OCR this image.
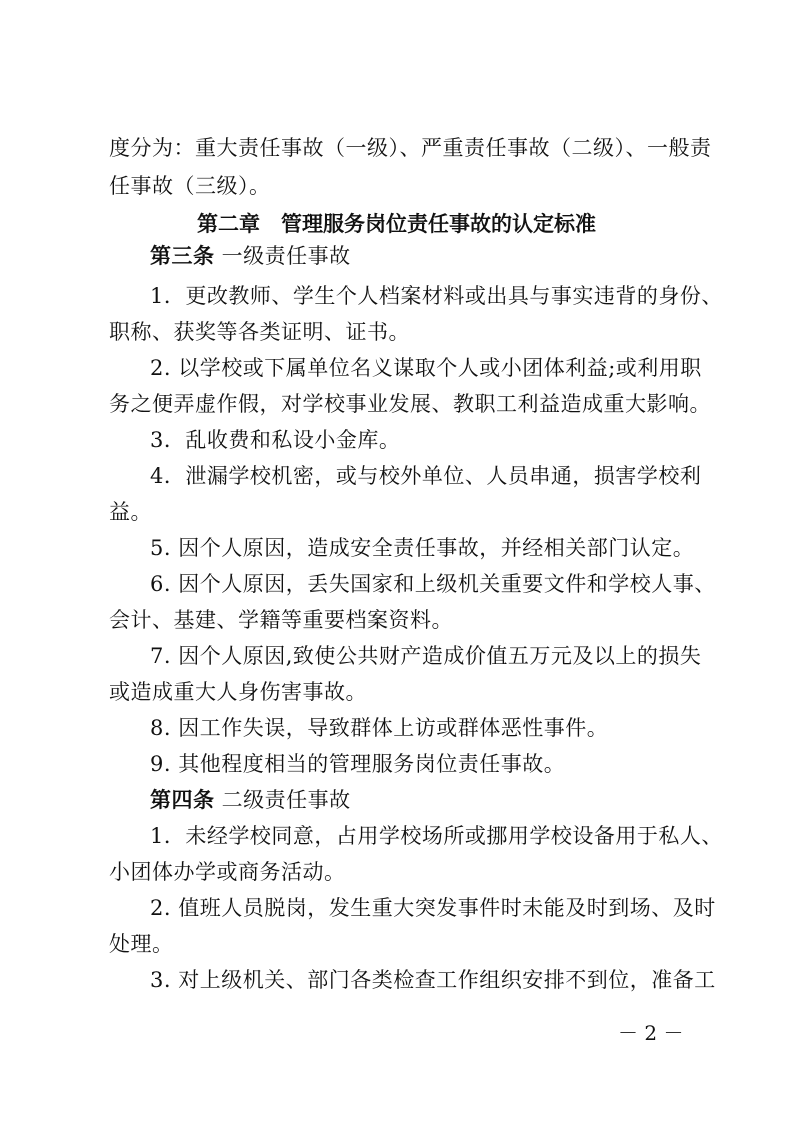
度分为：重大责任事故（一级）、严重责任事故（二级）、一般责
任事故（三级）。
第二章　管理服务岗位责任事故的认定标准
第三条 一级责任事故
1．更改教师、学生个人档案材料或出具与事实违背的身份、
职称、获奖等各类证明、证书。
2. 以学校或下属单位名义谋取个人或小团体利益;或利用职
务之便弄虚作假，对学校事业发展、教职工利益造成重大影响。
3．乱收费和私设小金库。
4．泄漏学校机密，或与校外单位、人员串通，损害学校利
益。
5. 因个人原因，造成安全责任事故，并经相关部门认定。
6. 因个人原因，丢失国家和上级机关重要文件和学校人事、
会计、基建、学籍等重要档案资料。
7. 因个人原因,致使公共财产造成价值五万元及以上的损失
或造成重大人身伤害事故。
8. 因工作失误，导致群体上访或群体恶性事件。
9. 其他程度相当的管理服务岗位责任事故。
第四条 二级责任事故
1．未经学校同意，占用学校场所或挪用学校设备用于私人、
小团体办学或商务活动。
2. 值班人员脱岗，发生重大突发事件时未能及时到场、及时
处理。
3. 对上级机关、部门各类检查工作组织安排不到位，准备工
－ 2 －
